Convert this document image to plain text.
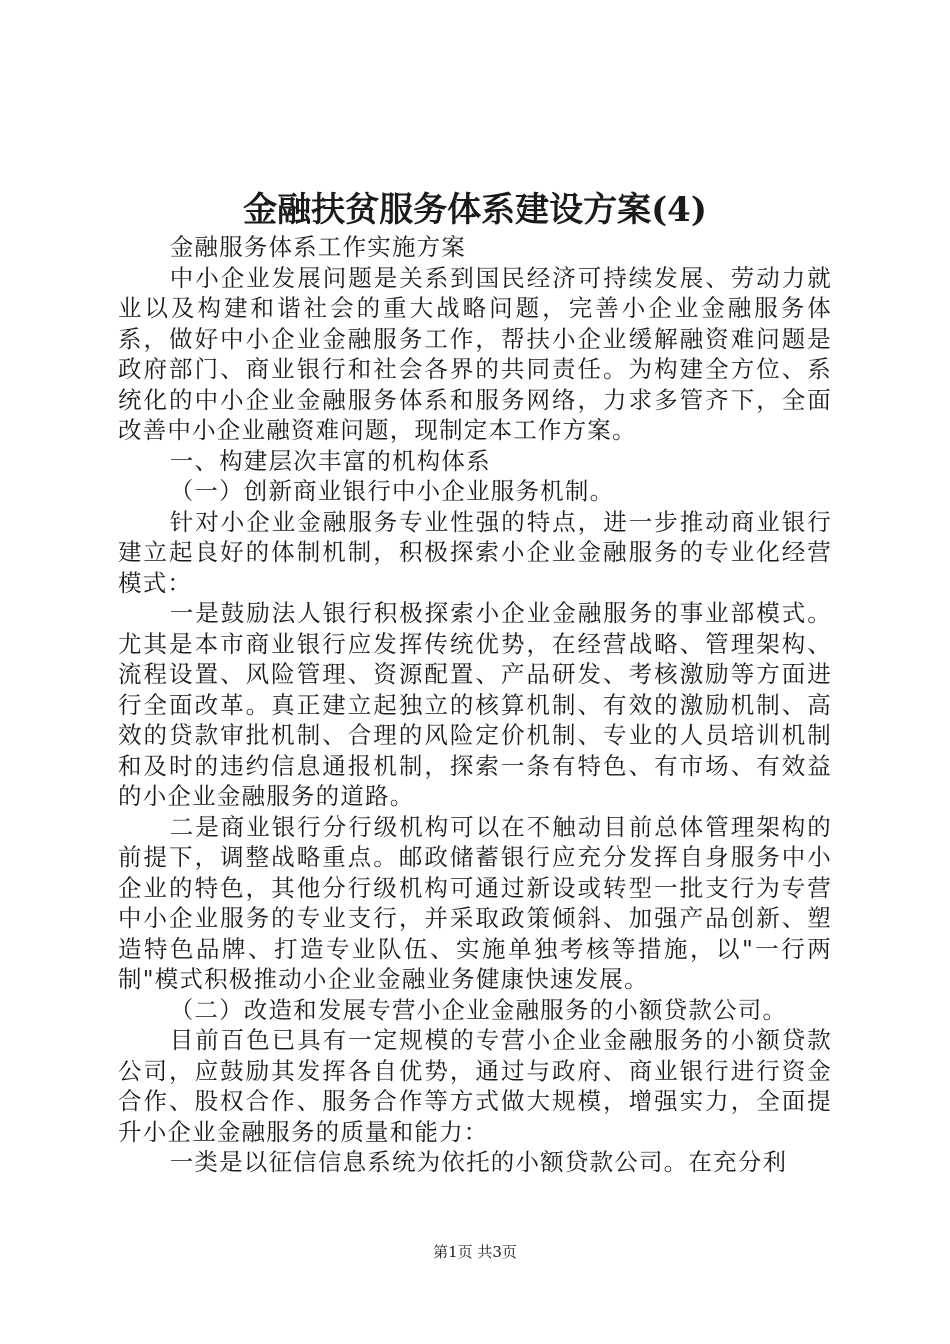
金融扶贫服务体系建设方案(4)

金融服务体系工作实施方案

中小企业发展问题是关系到国民经济可持续发展、劳动力就业以及构建和谐社会的重大战略问题，完善小企业金融服务体系，做好中小企业金融服务工作，帮扶小企业缓解融资难问题是政府部门、商业银行和社会各界的共同责任。为构建全方位、系统化的中小企业金融服务体系和服务网络，力求多管齐下，全面改善中小企业融资难问题，现制定本工作方案。

一、构建层次丰富的机构体系

（一）创新商业银行中小企业服务机制。

针对小企业金融服务专业性强的特点，进一步推动商业银行建立起良好的体制机制，积极探索小企业金融服务的专业化经营模式：

一是鼓励法人银行积极探索小企业金融服务的事业部模式。尤其是本市商业银行应发挥传统优势，在经营战略、管理架构、流程设置、风险管理、资源配置、产品研发、考核激励等方面进行全面改革。真正建立起独立的核算机制、有效的激励机制、高效的贷款审批机制、合理的风险定价机制、专业的人员培训机制和及时的违约信息通报机制，探索一条有特色、有市场、有效益的小企业金融服务的道路。

二是商业银行分行级机构可以在不触动目前总体管理架构的前提下，调整战略重点。邮政储蓄银行应充分发挥自身服务中小企业的特色，其他分行级机构可通过新设或转型一批支行为专营中小企业服务的专业支行，并采取政策倾斜、加强产品创新、塑造特色品牌、打造专业队伍、实施单独考核等措施，以"一行两制"模式积极推动小企业金融业务健康快速发展。

（二）改造和发展专营小企业金融服务的小额贷款公司。

目前百色已具有一定规模的专营小企业金融服务的小额贷款公司，应鼓励其发挥各自优势，通过与政府、商业银行进行资金合作、股权合作、服务合作等方式做大规模，增强实力，全面提升小企业金融服务的质量和能力：

一类是以征信信息系统为依托的小额贷款公司。在充分利

第1页 共3页
